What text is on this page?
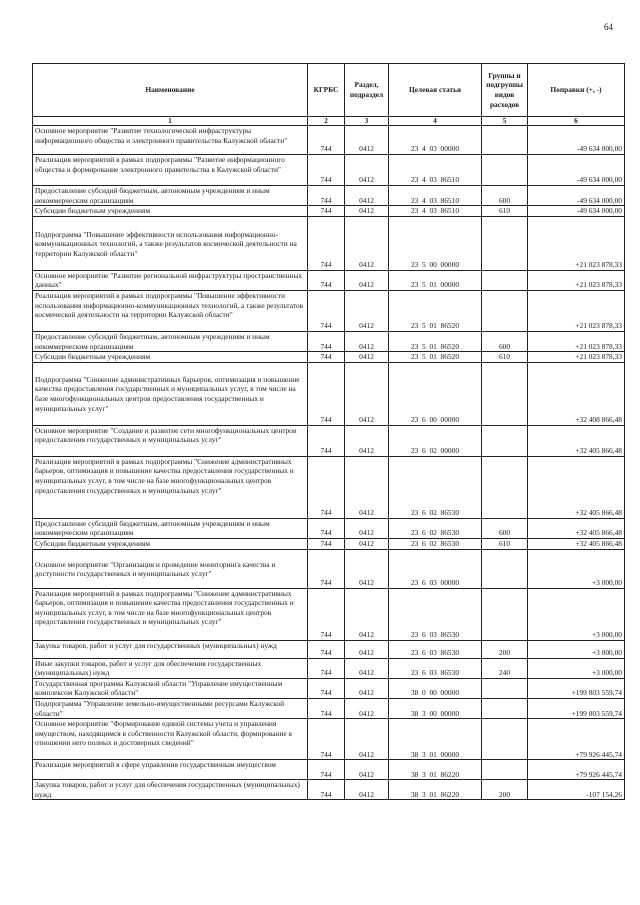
64
Наименование	КГРБС	Раздел, подраздел	Целевая статья	Группы и подгруппы видов расходов	Поправки (+, -)
1	2	3	4	5	6
Основное мероприятие "Развитие технологической инфраструктуры информационного общества и электронного правительства Калужской области"	744	0412	23  4  03  00000		-49 634 000,00
Реализация мероприятий в рамках подпрограммы "Развитие информационного общества и формирование электронного правительства в Калужской области"	744	0412	23  4  03  86510		-49 634 000,00
Предоставление субсидий бюджетным, автономным учреждениям и иным некоммерческим организациям	744	0412	23  4  03  86510	600	-49 634 000,00
Субсидии бюджетным учреждениям	744	0412	23  4  03  86510	610	-49 634 000,00
Подпрограмма "Повышение эффективности использования информационно-коммуникационных технологий, а также результатов космической деятельности на территории Калужской области"	744	0412	23  5  00  00000		+21 023 878,33
Основное мероприятие "Развитие региональной инфраструктуры пространственных данных"	744	0412	23  5  01  00000		+21 023 878,33
Реализация мероприятий в рамках подпрограммы "Повышение эффективности использования информационно-коммуникационных технологий, а также результатов космической деятельности на территории Калужской области"	744	0412	23  5  01  86520		+21 023 878,33
Предоставление субсидий бюджетным, автономным учреждениям и иным некоммерческим организациям	744	0412	23  5  01  86520	600	+21 023 878,33
Субсидии бюджетным учреждениям	744	0412	23  5  01  86520	610	+21 023 878,33
Подпрограмма "Снижение административных барьеров, оптимизация и повышение качества предоставления государственных и муниципальных услуг, в том числе на базе многофункциональных центров предоставления государственных и муниципальных услуг"	744	0412	23  6  00  00000		+32 408 866,48
Основное мероприятие "Создание и развитие сети многофункциональных центров предоставления государственных и муниципальных услуг"	744	0412	23  6  02  00000		+32 405 866,48
Реализация мероприятий в рамках подпрограммы "Снижение административных барьеров, оптимизация и повышение качества предоставления государственных и муниципальных услуг, в том числе на базе многофункциональных центров предоставления государственных и муниципальных услуг"	744	0412	23  6  02  86530		+32 405 866,48
Предоставление субсидий бюджетным, автономным учреждениям и иным некоммерческим организациям	744	0412	23  6  02  86530	600	+32 405 866,48
Субсидии бюджетным учреждениям	744	0412	23  6  02  86530	610	+32 405 866,48
Основное мероприятие "Организация и проведение мониторинга качества и доступности государственных и муниципальных услуг"	744	0412	23  6  03  00000		+3 000,00
Реализация мероприятий в рамках подпрограммы "Снижение административных барьеров, оптимизация и повышение качества предоставления государственных и муниципальных услуг, в том числе на базе многофункциональных центров предоставления государственных и муниципальных услуг"	744	0412	23  6  03  86530		+3 000,00
Закупка товаров, работ и услуг для государственных (муниципальных) нужд	744	0412	23  6  03  86530	200	+3 000,00
Иные закупки товаров, работ и услуг для обеспечения государственных (муниципальных) нужд	744	0412	23  6  03  86530	240	+3 000,00
Государственная программа Калужской области "Управление имущественным комплексом Калужской области"	744	0412	38  0  00  00000		+199 803 559,74
Подпрограмма "Управление земельно-имущественными ресурсами Калужской области"	744	0412	38  3  00  00000		+199 803 559,74
Основное мероприятие "Формирование единой системы учета и управления имуществом, находящимся в собственности Калужской области, формирование в отношении него полных и достоверных сведений"	744	0412	38  3  01  00000		+79 926 445,74
Реализация мероприятий в сфере управления государственным имуществом	744	0412	38  3  01  86220		+79 926 445,74
Закупка товаров, работ и услуг для обеспечения государственных (муниципальных) нужд	744	0412	38  3  01  86220	200	-107 154,26
